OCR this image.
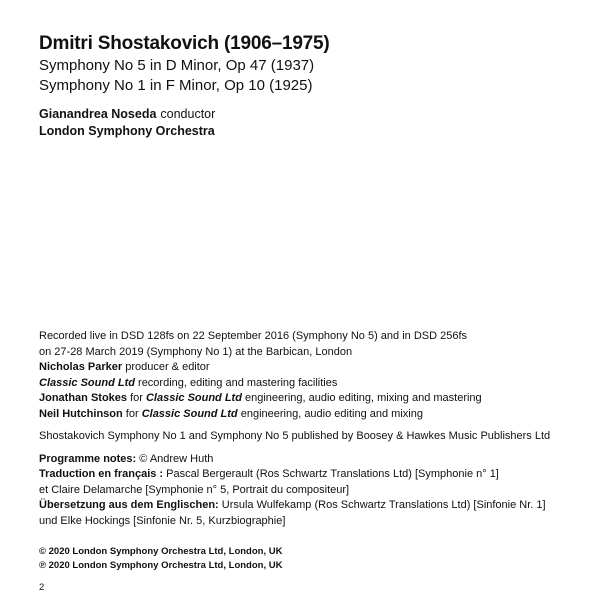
Dmitri Shostakovich (1906–1975)
Symphony No 5 in D Minor, Op 47 (1937)
Symphony No 1 in F Minor, Op 10 (1925)
Gianandrea Noseda conductor
London Symphony Orchestra
Recorded live in DSD 128fs on 22 September 2016 (Symphony No 5) and in DSD 256fs
on 27-28 March 2019 (Symphony No 1) at the Barbican, London
Nicholas Parker producer & editor
Classic Sound Ltd recording, editing and mastering facilities
Jonathan Stokes for Classic Sound Ltd engineering, audio editing, mixing and mastering
Neil Hutchinson for Classic Sound Ltd engineering, audio editing and mixing
Shostakovich Symphony No 1 and Symphony No 5 published by Boosey & Hawkes Music Publishers Ltd
Programme notes: © Andrew Huth
Traduction en français : Pascal Bergerault (Ros Schwartz Translations Ltd) [Symphonie n° 1]
et Claire Delamarche [Symphonie n° 5, Portrait du compositeur]
Übersetzung aus dem Englischen: Ursula Wulfekamp (Ros Schwartz Translations Ltd) [Sinfonie Nr. 1]
und Elke Hockings [Sinfonie Nr. 5, Kurzbiographie]
© 2020 London Symphony Orchestra Ltd, London, UK
℗ 2020 London Symphony Orchestra Ltd, London, UK
2
